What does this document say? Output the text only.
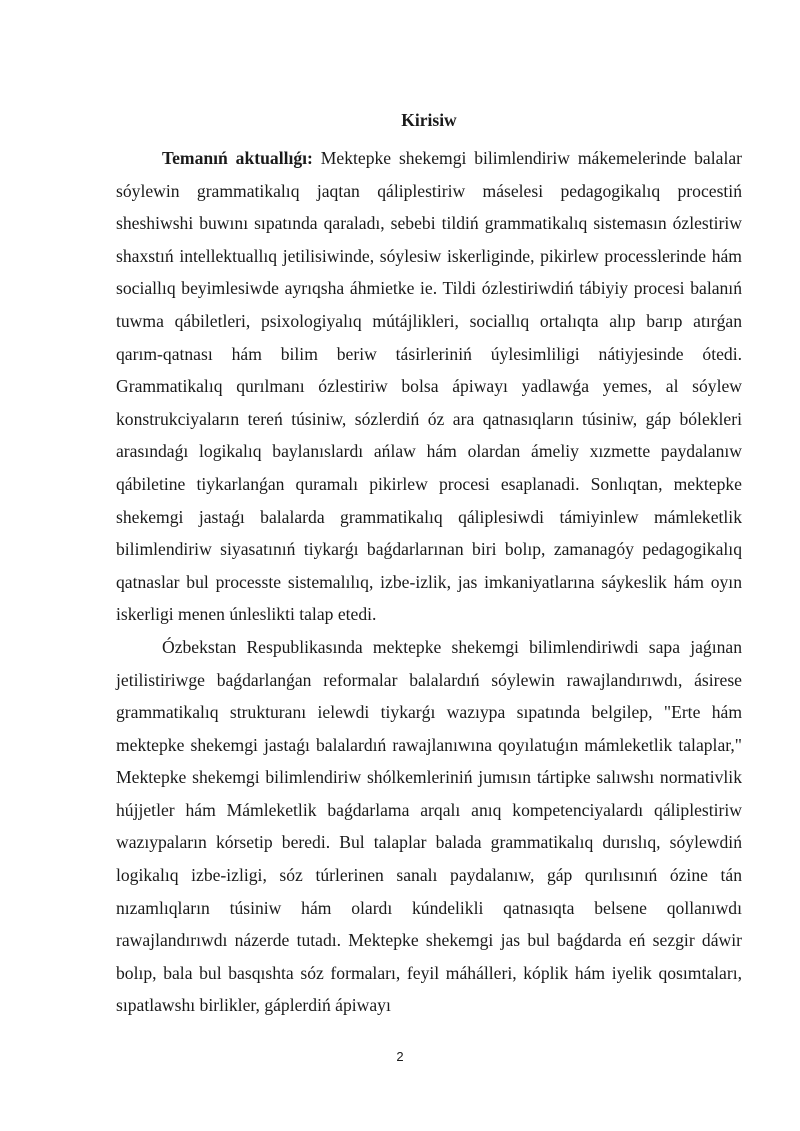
Kirisiw

Temanıń aktuallıǵı: Mektepke shekemgi bilimlendiriw mákemelerinde balalar sóylewin grammatikalıq jaqtan qáliplestiriw máselesi pedagogikalıq procestiń sheshiwshi buwını sıpatında qaraladı, sebebi tildiń grammatikalıq sistemasın ózlestiriw shaxstıń intellektuallıq jetilisiwinde, sóylesiw iskerliginde, pikirlew processlerinde hám sociallıq beyimlesiwde ayrıqsha áhmietke ie. Tildi ózlestiriwdiń tábiyiy procesi balanıń tuwma qábiletleri, psixologiyalıq mútájlikleri, sociallıq ortalıqta alıp barıp atırǵan qarım-qatnası hám bilim beriw tásirleriniń úylesimliligi nátiyjesinde ótedi. Grammatikalıq qurılmanı ózlestiriw bolsa ápiwayı yadlawǵa yemes, al sóylew konstrukciyaların tereń túsiniw, sózlerdiń óz ara qatnasıqların túsiniw, gáp bólekleri arasındaǵı logikalıq baylanıslardı ańlaw hám olardan ámeliy xızmette paydalanıw qábiletine tiykarlanǵan quramalı pikirlew procesi esaplanadi. Sonlıqtan, mektepke shekemgi jastaǵı balalarda grammatikalıq qáliplesiwdi támiyinlew mámleketlik bilimlendiriw siyasatınıń tiykarǵı baǵdarlarınan biri bolıp, zamanagóy pedagogikalıq qatnaslar bul processte sistemalılıq, izbe-izlik, jas imkaniyatlarına sáykeslik hám oyın iskerligi menen únleslikti talap etedi.

Ózbekstan Respublikasında mektepke shekemgi bilimlendiriwdi sapa jaǵınan jetilistiriwge baǵdarlanǵan reformalar balalardıń sóylewin rawajlandırıwdı, ásirese grammatikalıq strukturanı ielewdi tiykarǵı wazıypa sıpatında belgilep, "Erte hám mektepke shekemgi jastaǵı balalardıń rawajlanıwına qoyılatuǵın mámleketlik talaplar," Mektepke shekemgi bilimlendiriw shólkemleriniń jumısın tártipke salıwshı normativlik hújjetler hám Mámleketlik baǵdarlama arqalı anıq kompetenciyalardı qáliplestiriw wazıypaların kórsetip beredi. Bul talaplar balada grammatikalıq durıslıq, sóylewdiń logikalıq izbe-izligi, sóz túrlerinen sanalı paydalanıw, gáp qurılısınıń ózine tán nızamlıqların túsiniw hám olardı kúndelikli qatnasıqta belsene qollanıwdı rawajlandırıwdı názerde tutadı. Mektepke shekemgi jas bul baǵdarda eń sezgir dáwir bolıp, bala bul basqıshta sóz formaları, feyil máhálleri, kóplik hám iyelik qosımtaları, sıpatlawshı birlikler, gáplerdiń ápiwayı

2
